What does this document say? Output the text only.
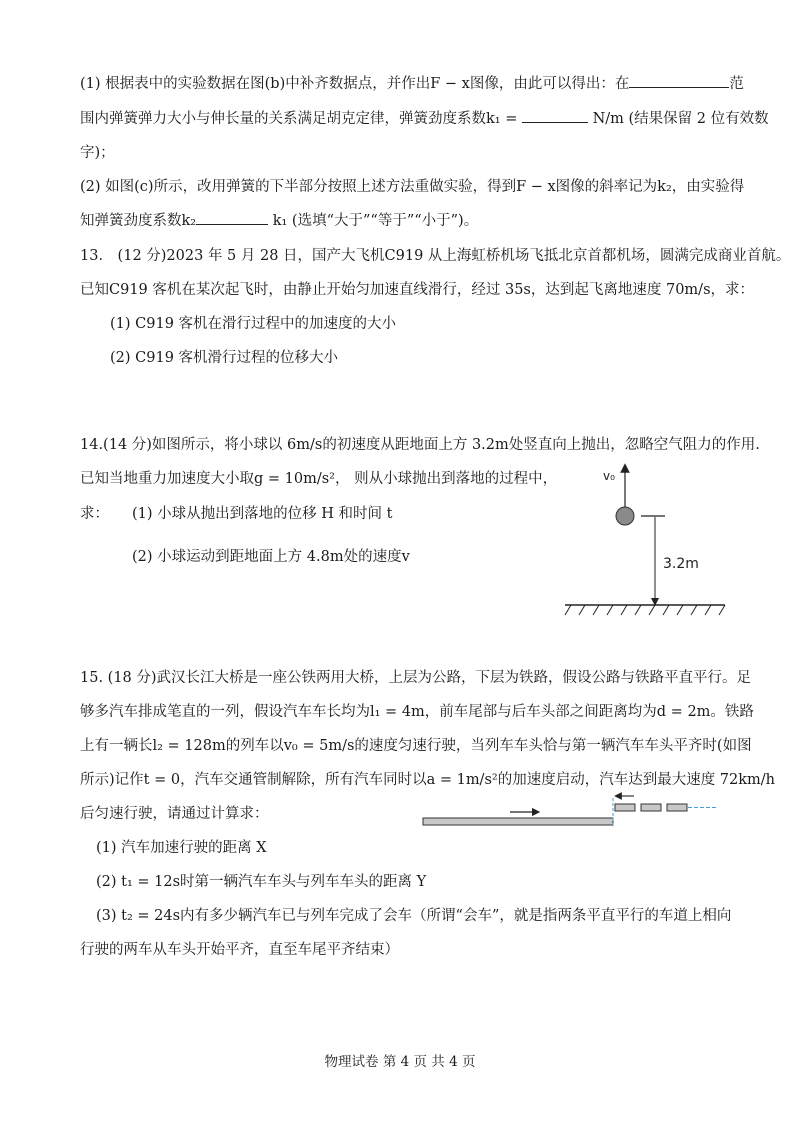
(1) 根据表中的实验数据在图(b)中补齐数据点，并作出F − x图像，由此可以得出：在	范
围内弹簧弹力大小与伸长量的关系满足胡克定律，弹簧劲度系数k₁ =	N/m (结果保留 2 位有效数
字)；
(2) 如图(c)所示，改用弹簧的下半部分按照上述方法重做实验，得到F − x图像的斜率记为k₂，由实验得
知弹簧劲度系数k₂	k₁ (选填“大于”“等于”“小于”)。
13． (12 分)2023 年 5 月 28 日，国产大飞机C919 从上海虹桥机场飞抵北京首都机场，圆满完成商业首航。
已知C919 客机在某次起飞时，由静止开始匀加速直线滑行，经过 35s，达到起飞离地速度 70m/s，求：
(1) C919 客机在滑行过程中的加速度的大小
(2) C919 客机滑行过程的位移大小
14.(14 分)如图所示，将小球以 6m/s的初速度从距地面上方 3.2m处竖直向上抛出，忽略空气阻力的作用.
已知当地重力加速度大小取g = 10m/s²， 则从小球抛出到落地的过程中，
求： (1) 小球从抛出到落地的位移 H 和时间 t
(2) 小球运动到距地面上方 4.8m处的速度v
v₀
3.2m
15. (18 分)武汉长江大桥是一座公铁两用大桥，上层为公路，下层为铁路，假设公路与铁路平直平行。足
够多汽车排成笔直的一列，假设汽车车长均为l₁ = 4m，前车尾部与后车头部之间距离均为d = 2m。铁路
上有一辆长l₂ = 128m的列车以v₀ = 5m/s的速度匀速行驶，当列车车头恰与第一辆汽车车头平齐时(如图
所示)记作t = 0，汽车交通管制解除，所有汽车同时以a = 1m/s²的加速度启动，汽车达到最大速度 72km/h
后匀速行驶，请通过计算求：
(1) 汽车加速行驶的距离 X
(2) t₁ = 12s时第一辆汽车车头与列车车头的距离 Y
(3) t₂ = 24s内有多少辆汽车已与列车完成了会车（所谓“会车”，就是指两条平直平行的车道上相向
行驶的两车从车头开始平齐，直至车尾平齐结束）
物理试卷 第 4 页 共 4 页
